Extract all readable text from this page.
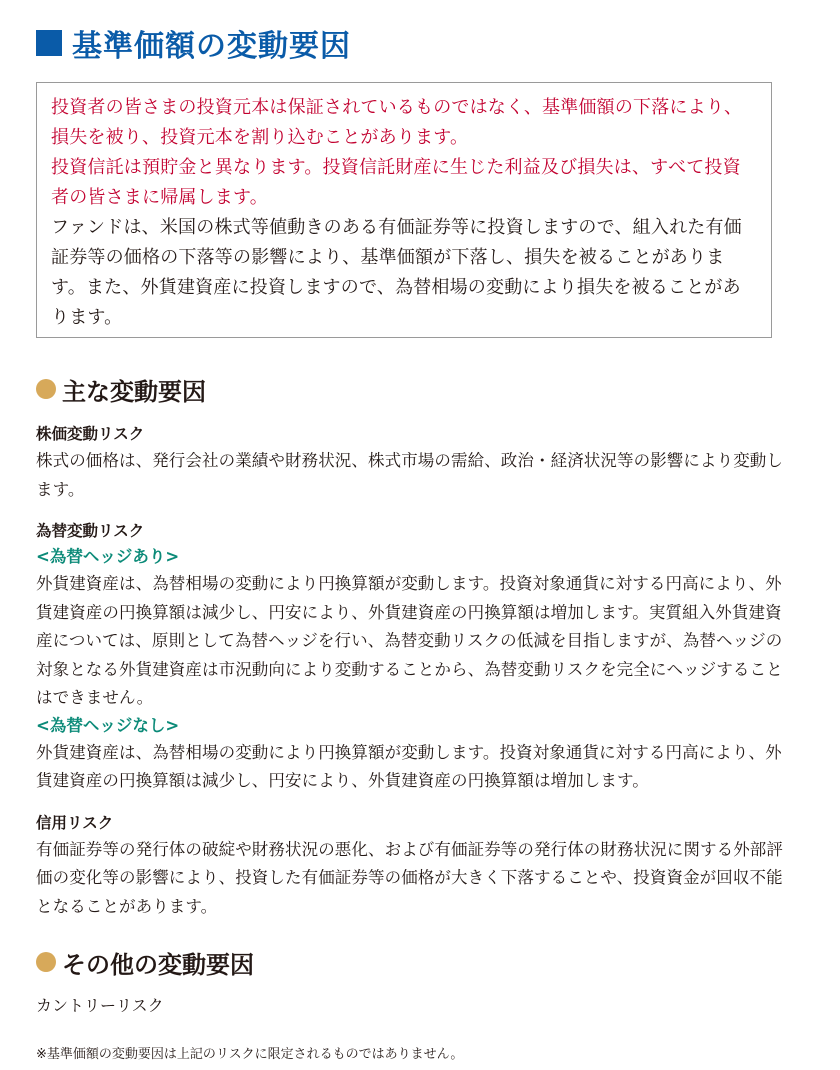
基準価額の変動要因

投資者の皆さまの投資元本は保証されているものではなく、基準価額の下落により、損失を被り、投資元本を割り込むことがあります。

投資信託は預貯金と異なります。投資信託財産に生じた利益及び損失は、すべて投資者の皆さまに帰属します。

ファンドは、米国の株式等値動きのある有価証券等に投資しますので、組入れた有価証券等の価格の下落等の影響により、基準価額が下落し、損失を被ることがあります。また、外貨建資産に投資しますので、為替相場の変動により損失を被ることがあります。

主な変動要因

株価変動リスク

株式の価格は、発行会社の業績や財務状況、株式市場の需給、政治・経済状況等の影響により変動します。

為替変動リスク

<為替ヘッジあり>

外貨建資産は、為替相場の変動により円換算額が変動します。投資対象通貨に対する円高により、外貨建資産の円換算額は減少し、円安により、外貨建資産の円換算額は増加します。実質組入外貨建資産については、原則として為替ヘッジを行い、為替変動リスクの低減を目指しますが、為替ヘッジの対象となる外貨建資産は市況動向により変動することから、為替変動リスクを完全にヘッジすることはできません。

<為替ヘッジなし>

外貨建資産は、為替相場の変動により円換算額が変動します。投資対象通貨に対する円高により、外貨建資産の円換算額は減少し、円安により、外貨建資産の円換算額は増加します。

信用リスク

有価証券等の発行体の破綻や財務状況の悪化、および有価証券等の発行体の財務状況に関する外部評価の変化等の影響により、投資した有価証券等の価格が大きく下落することや、投資資金が回収不能となることがあります。

その他の変動要因
カントリーリスク
※基準価額の変動要因は上記のリスクに限定されるものではありません。
